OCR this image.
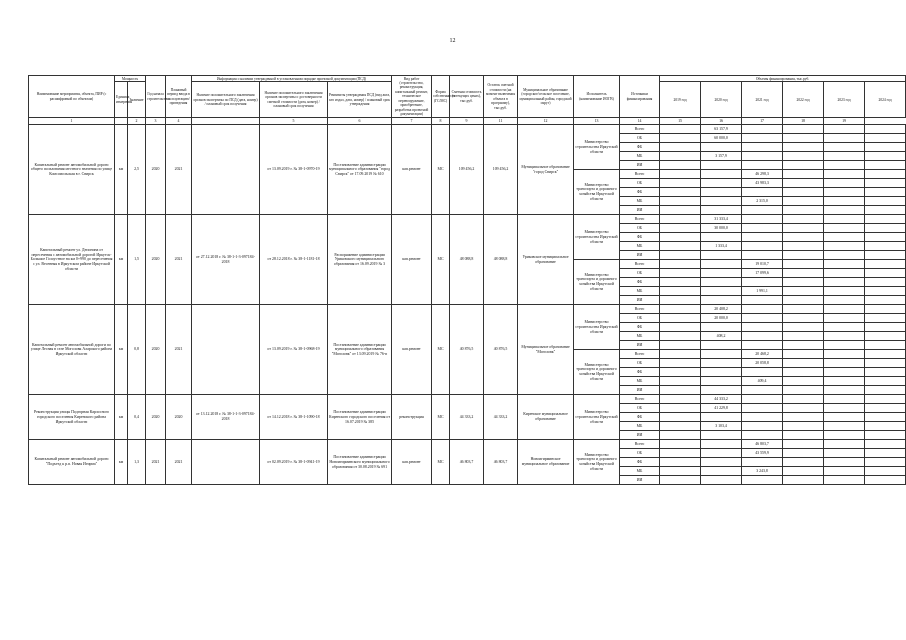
12
Наименование мероприятия, объекта, ПИР (с расшифровкой по объектам)	Мощность		Год начала строительства	Плановый период ввода в эксплуатацию/проведения	Информация о наличии утвержденной в установленном порядке проектной документации (ПСД)			Вид работ (строительство, реконструкция, капитальный ремонт, техническое перевооружение, приобретение, разработка проектной документации)	Форма собственности (ГС/МС)	Сметная стоимость (в текущих ценах), тыс.руб.	Остаток сметной стоимости (на момент включения объекта в программу), тыс.руб.	Муниципальное образование (городское/сельское поселение, муниципальный район, городской округ)	Исполнитель (наименование ИОГВ)	Источники финансирования	Объемы финансирования, тыс.руб.					
	Единица измерения	Значение			Наличие положительного заключения органов экспертизы по ПСД (дата, номер) / плановый срок получения	Наличие положительного заключения органов экспертизы о достоверности сметной стоимости (дата, номер) / плановый срок получения	Реквизиты утверждения ПСД (вид акта, кто издал, дата, номер) / плановый срок утверждения								2019 год	2020 год	2021 год	2022 год	2023 год	2024 год

1		2	3	4		5	6	7	8	9	11	12	13	14	15	16	17	18	19	
Капитальный ремонт автомобильной дороги общего пользования местного значения по улице Комсомольская в г. Свирск	км	2,5	2020	2021		от 13.09.2019 г. № 38-1-0970-19	Постановление администрации муниципального образования "город Свирск" от 17.09.2019 № 610	кап.ремонт	МС	109 456,2	109 456,2	Муниципальное образование "город Свирск"	Министерство строительства Иркутской области	Всего		63 157,9				
														ОБ		60 000,0				
														ФБ						
														МБ		3 157,9				
														ИИ						
													Министерство транспорта и дорожного хозяйства Иркутской области	Всего			46 298,3			
														ОБ			43 983,3			
														ФБ						
														МБ			2 315,0			
														ИИ						
Капитальный ремонт ул. Депонина от пересечения с автомобильной дорогой Иркутск-Большое Голоустное на км 0+990 до пересечения с ул. Весенняя в Иркутском районе Иркутской области	км	1,5	2020	2021	от 27.12.2018 г. № 38-1-1-3-097184-2018	от 28.12.2018 г. № 38-1-1181-18	Распоряжение администрации Уриковского муниципального образования от 16.09.2019 № 3	кап.ремонт	МС	48 088,8	48 088,8	Уриковское муниципальное образование	Министерство строительства Иркутской области	Всего		31 333,4				
														ОБ		30 000,0				
														ФБ						
														МБ		1 333,4				
														ИИ						
													Министерство транспорта и дорожного хозяйства Иркутской области	Всего			19 010,7			
														ОБ			17 099,6			
														ФБ						
														МБ			1 991,1			
														ИИ						
Капитальный ремонт автомобильной дороги по улице Лесная в селе Моголовк Аларского района Иркутской области	км	0,8	2020	2021		от 13.09.2019 г. № 38-1-0968-19	Постановление администрации муниципального образования "Моголовк" от 13.09.2019 № 76-п	кап.ремонт	МС	40 876,5	40 876,5	Муниципальное образование "Моголовк"	Министерство строительства Иркутской области	Всего		20 408,2				
														ОБ		20 000,0				
														ФБ						
														МБ		408,2				
														ИИ						
													Министерство транспорта и дорожного хозяйства Иркутской области	Всего			20 468,2			
														ОБ			20 058,8			
														ФБ						
														МБ			409,4			
														ИИ						
Реконструкция улицы Подгорная Карлосного городского поселения Киренского района Иркутской области	км	0,4	2020	2020	от 13.12.2018 г. № 38-1-1-3-097184-2018	от 14.12.2018 г. № 38-1-1090-18	Постановление администрации Киренского городского поселения от 16.07.2019 № 385	реконструкция	МС	44 333,2	44 333,2	Киренское муниципальное образование	Министерство строительства Иркутской области	Всего		44 333,2				
														ОБ		41 229,8				
														ФБ						
														МБ		3 103,4				
														ИИ						
Капитальный ремонт автомобильной дороги "Подъезд к р.п. Новая Игирма"	км	1,3	2021	2021		от 02.09.2019 г. № 38-1-0941-19	Постановление администрации Новоигирминского муниципального образования от 30.08.2019 № 691	кап.ремонт	МС	46 803,7	46 803,7	Новоигирминское муниципальное образование	Министерство транспорта и дорожного хозяйства Иркутской области	Всего			46 803,7			
														ОБ			43 559,9			
														ФБ						
														МБ			3 243,8			
														ИИ						
